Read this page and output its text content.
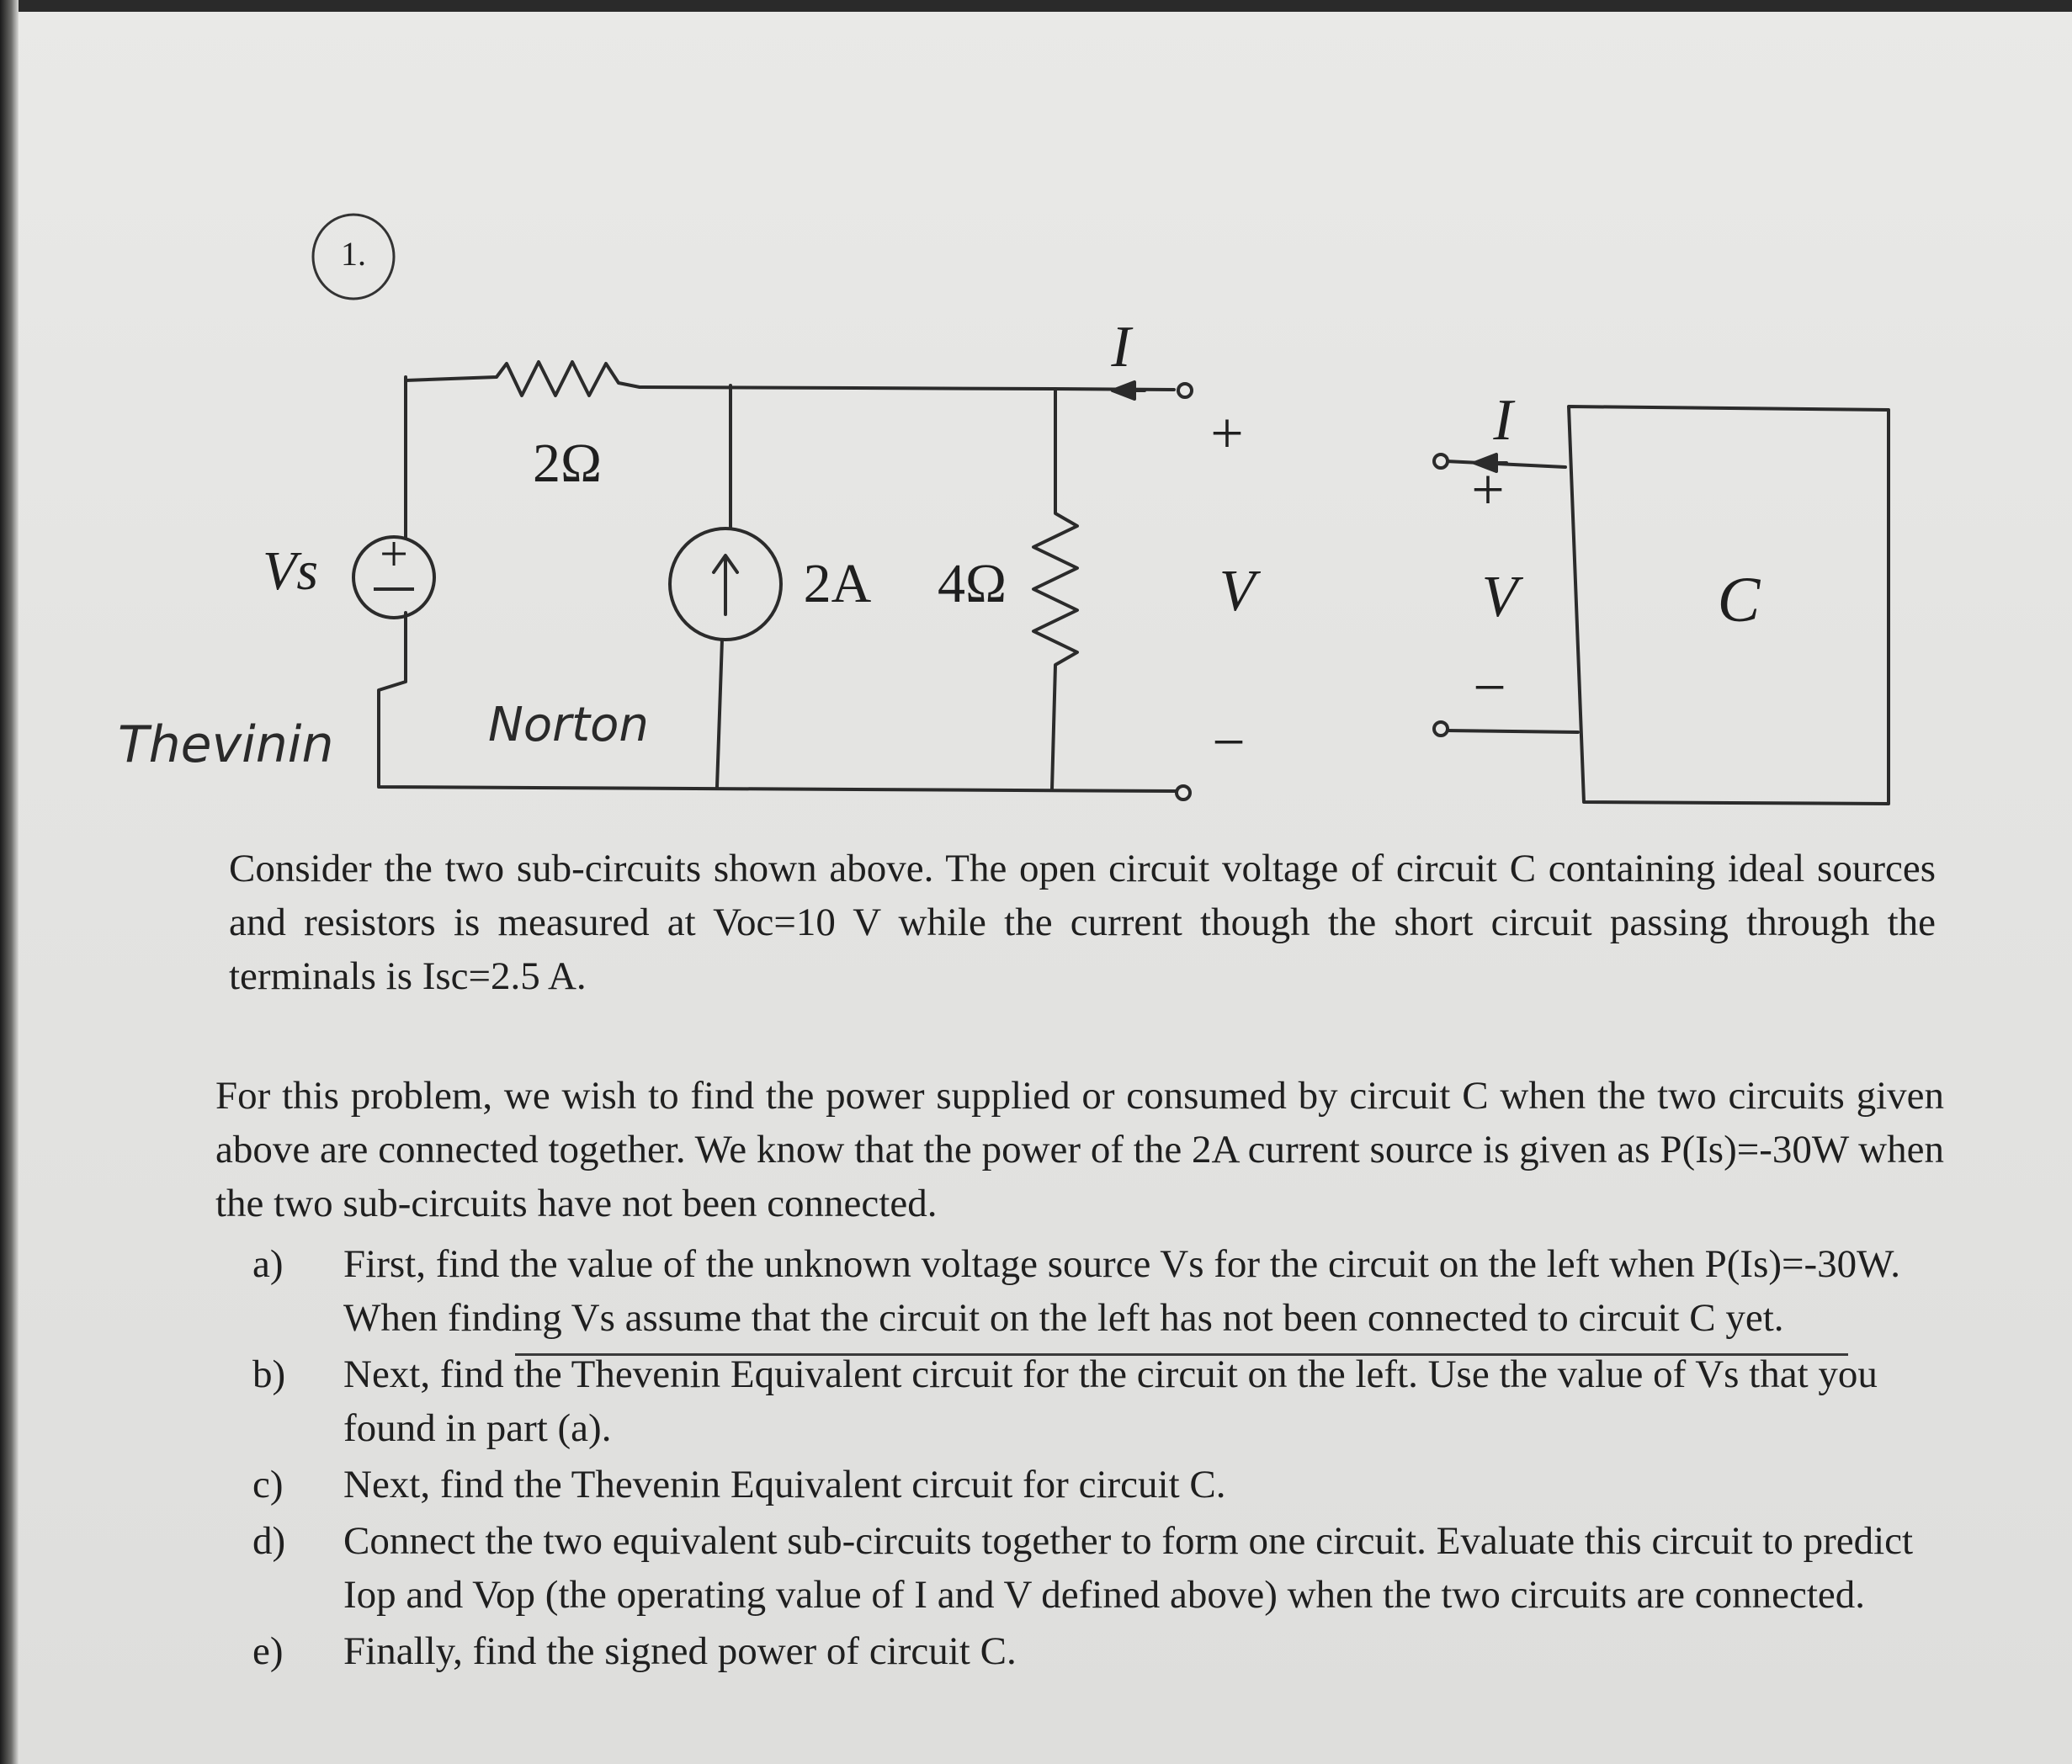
1.
+
2Ω
2A 4Ω
Vs
I
+
V
−
I
+
V
−
C
Thevinin	Norton

Consider the two sub-circuits shown above. The open circuit voltage of circuit C containing ideal sources and resistors is measured at Voc=10 V while the current though the short circuit passing through the terminals is Isc=2.5 A.

For this problem, we wish to find the power supplied or consumed by circuit C when the two circuits given above are connected together. We know that the power of the 2A current source is given as P(Is)=-30W when the two sub-circuits have not been connected.

a) First, find the value of the unknown voltage source Vs for the circuit on the left when P(Is)=-30W. When finding Vs assume that the circuit on the left has not been connected to circuit C yet.
b) Next, find the Thevenin Equivalent circuit for the circuit on the left. Use the value of Vs that you found in part (a).
c) Next, find the Thevenin Equivalent circuit for circuit C.
d) Connect the two equivalent sub-circuits together to form one circuit. Evaluate this circuit to predict Iop and Vop (the operating value of I and V defined above) when the two circuits are connected.
e) Finally, find the signed power of circuit C.
